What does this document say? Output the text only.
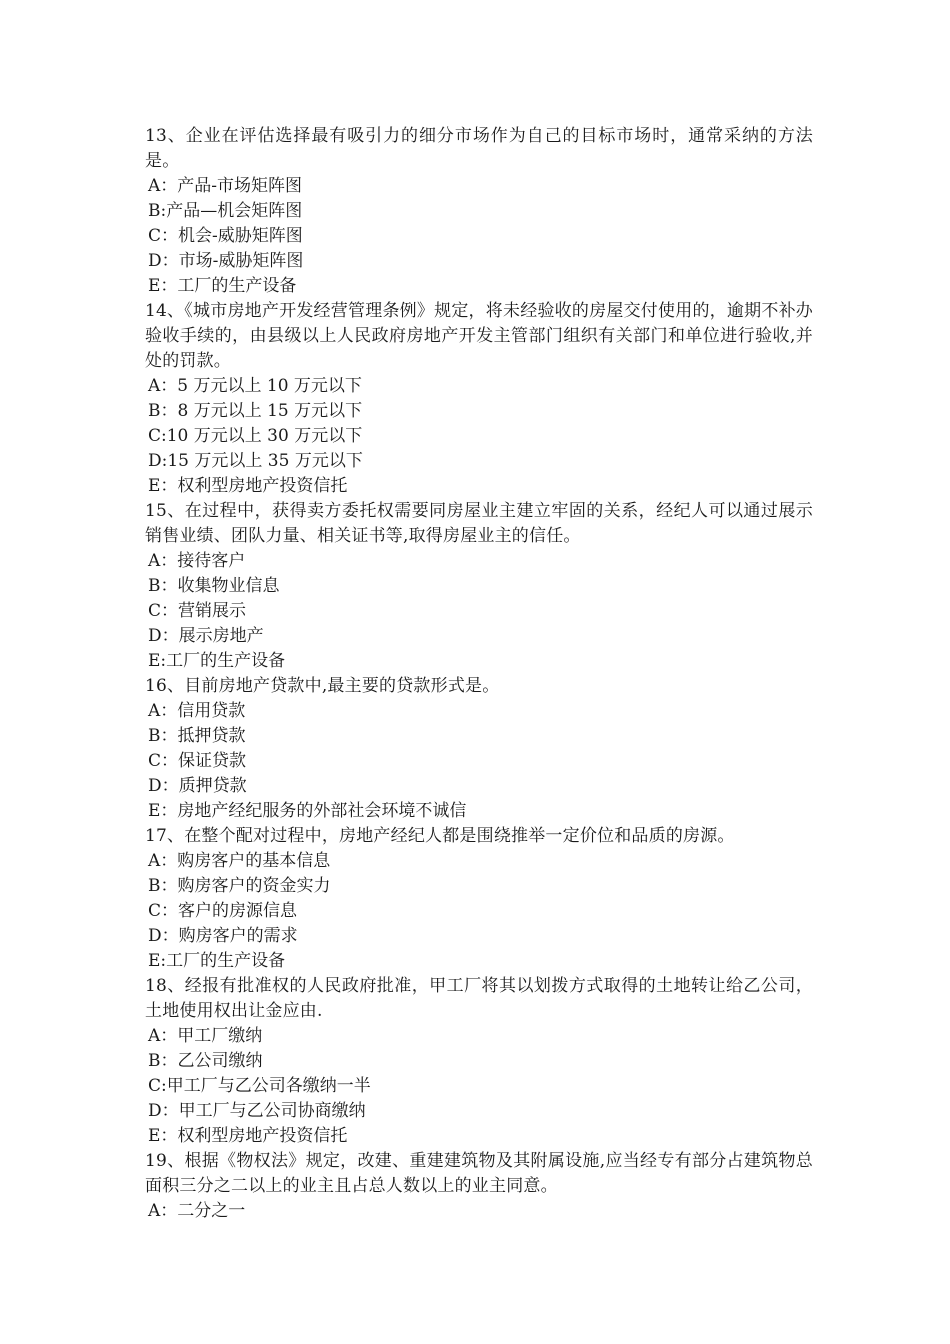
13、企业在评估选择最有吸引力的细分市场作为自己的目标市场时，通常采纳的方法是。

A：产品-市场矩阵图

B:产品—机会矩阵图

C：机会-威胁矩阵图

D：市场-威胁矩阵图

E：工厂的生产设备

14、《城市房地产开发经营管理条例》规定，将未经验收的房屋交付使用的，逾期不补办验收手续的，由县级以上人民政府房地产开发主管部门组织有关部门和单位进行验收,并处的罚款。

A：5 万元以上 10 万元以下

B：8 万元以上 15 万元以下

C:10 万元以上 30 万元以下

D:15 万元以上 35 万元以下

E：权利型房地产投资信托

15、在过程中，获得卖方委托权需要同房屋业主建立牢固的关系，经纪人可以通过展示销售业绩、团队力量、相关证书等,取得房屋业主的信任。

A：接待客户

B：收集物业信息

C：营销展示

D：展示房地产

E:工厂的生产设备

16、目前房地产贷款中,最主要的贷款形式是。

A：信用贷款

B：抵押贷款

C：保证贷款

D：质押贷款

E：房地产经纪服务的外部社会环境不诚信

17、在整个配对过程中，房地产经纪人都是围绕推举一定价位和品质的房源。

A：购房客户的基本信息

B：购房客户的资金实力

C：客户的房源信息

D：购房客户的需求

E:工厂的生产设备

18、经报有批准权的人民政府批准，甲工厂将其以划拨方式取得的土地转让给乙公司，土地使用权出让金应由.

A：甲工厂缴纳

B：乙公司缴纳

C:甲工厂与乙公司各缴纳一半

D：甲工厂与乙公司协商缴纳

E：权利型房地产投资信托

19、根据《物权法》规定，改建、重建建筑物及其附属设施,应当经专有部分占建筑物总面积三分之二以上的业主且占总人数以上的业主同意。

A：二分之一
